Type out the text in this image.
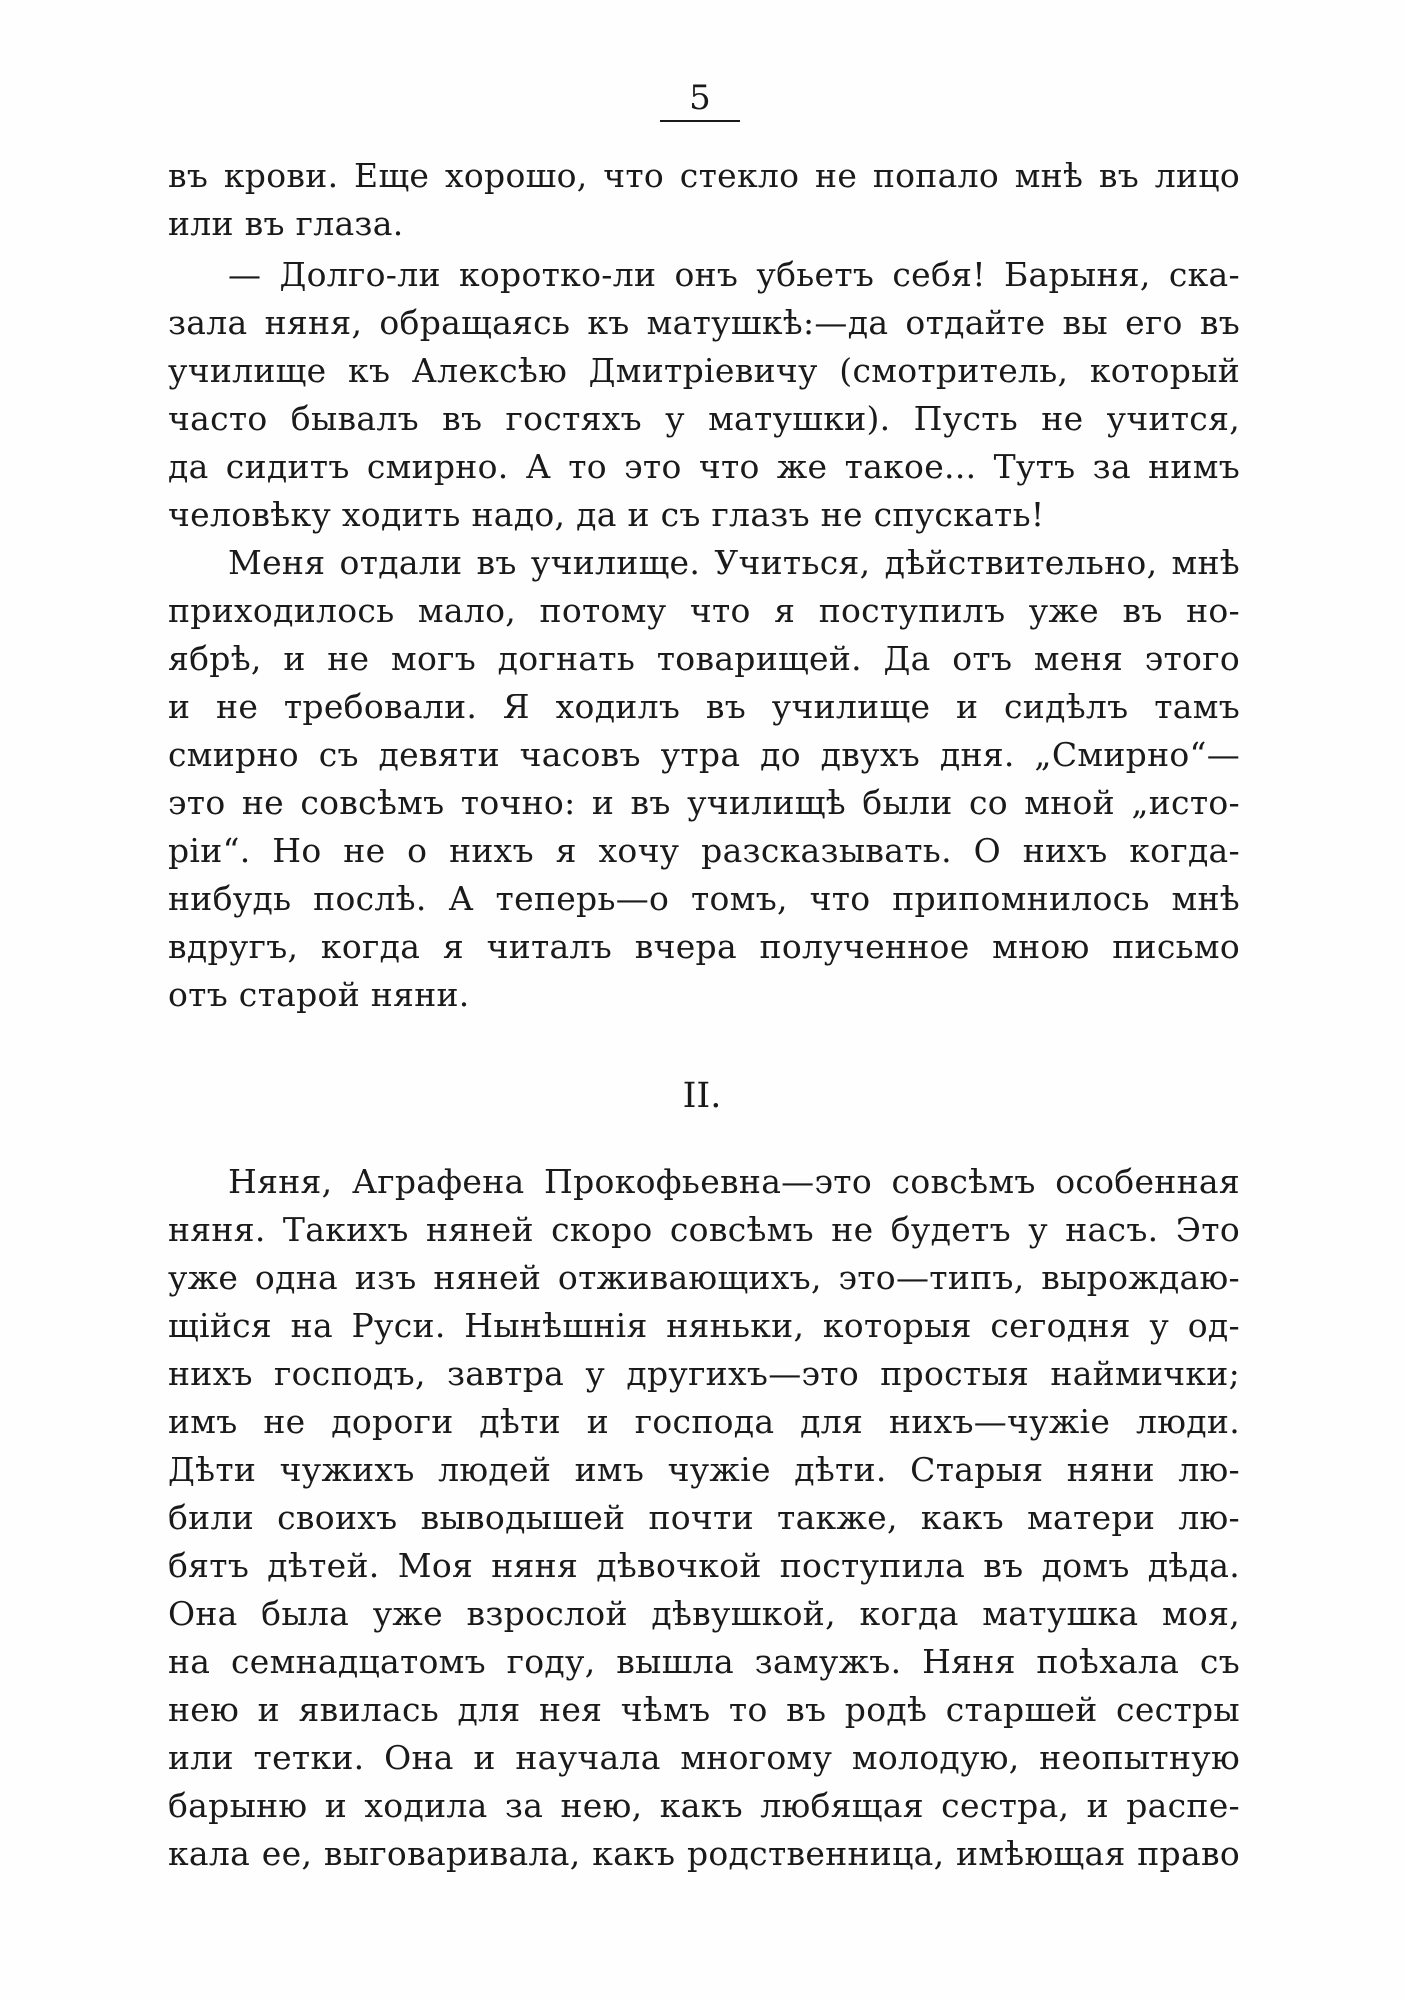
5
въ крови. Еще хорошо, что стекло не попало мнѣ въ лицо
или въ глаза.
— Долго-ли коротко-ли онъ убьетъ себя! Барыня, ска-
зала няня, обращаясь къ матушкѣ:—да отдайте вы его въ
училище къ Алексѣю Дмитріевичу (смотритель, который
часто бывалъ въ гостяхъ у матушки). Пусть не учится,
да сидитъ смирно. А то это что же такое... Тутъ за нимъ
человѣку ходить надо, да и съ глазъ не спускать!
Меня отдали въ училище. Учиться, дѣйствительно, мнѣ
приходилось мало, потому что я поступилъ уже въ но-
ябрѣ, и не могъ догнать товарищей. Да отъ меня этого
и не требовали. Я ходилъ въ училище и сидѣлъ тамъ
смирно съ девяти часовъ утра до двухъ дня. „Смирно“—
это не совсѣмъ точно: и въ училищѣ были со мной „исто-
ріи“. Но не о нихъ я хочу разсказывать. О нихъ когда-
нибудь послѣ. А теперь—о томъ, что припомнилось мнѣ
вдругъ, когда я читалъ вчера полученное мною письмо
отъ старой няни.
II.
Няня, Аграфена Прокофьевна—это совсѣмъ особенная
няня. Такихъ няней скоро совсѣмъ не будетъ у насъ. Это
уже одна изъ няней отживающихъ, это—типъ, вырождаю-
щійся на Руси. Нынѣшнія няньки, которыя сегодня у од-
нихъ господъ, завтра у другихъ—это простыя наймички;
имъ не дороги дѣти и господа для нихъ—чужіе люди.
Дѣти чужихъ людей имъ чужіе дѣти. Старыя няни лю-
били своихъ выводышей почти также, какъ матери лю-
бятъ дѣтей. Моя няня дѣвочкой поступила въ домъ дѣда.
Она была уже взрослой дѣвушкой, когда матушка моя,
на семнадцатомъ году, вышла замужъ. Няня поѣхала съ
нею и явилась для нея чѣмъ то въ родѣ старшей сестры
или тетки. Она и научала многому молодую, неопытную
барыню и ходила за нею, какъ любящая сестра, и распе-
кала ее, выговаривала, какъ родственница, имѣющая право
